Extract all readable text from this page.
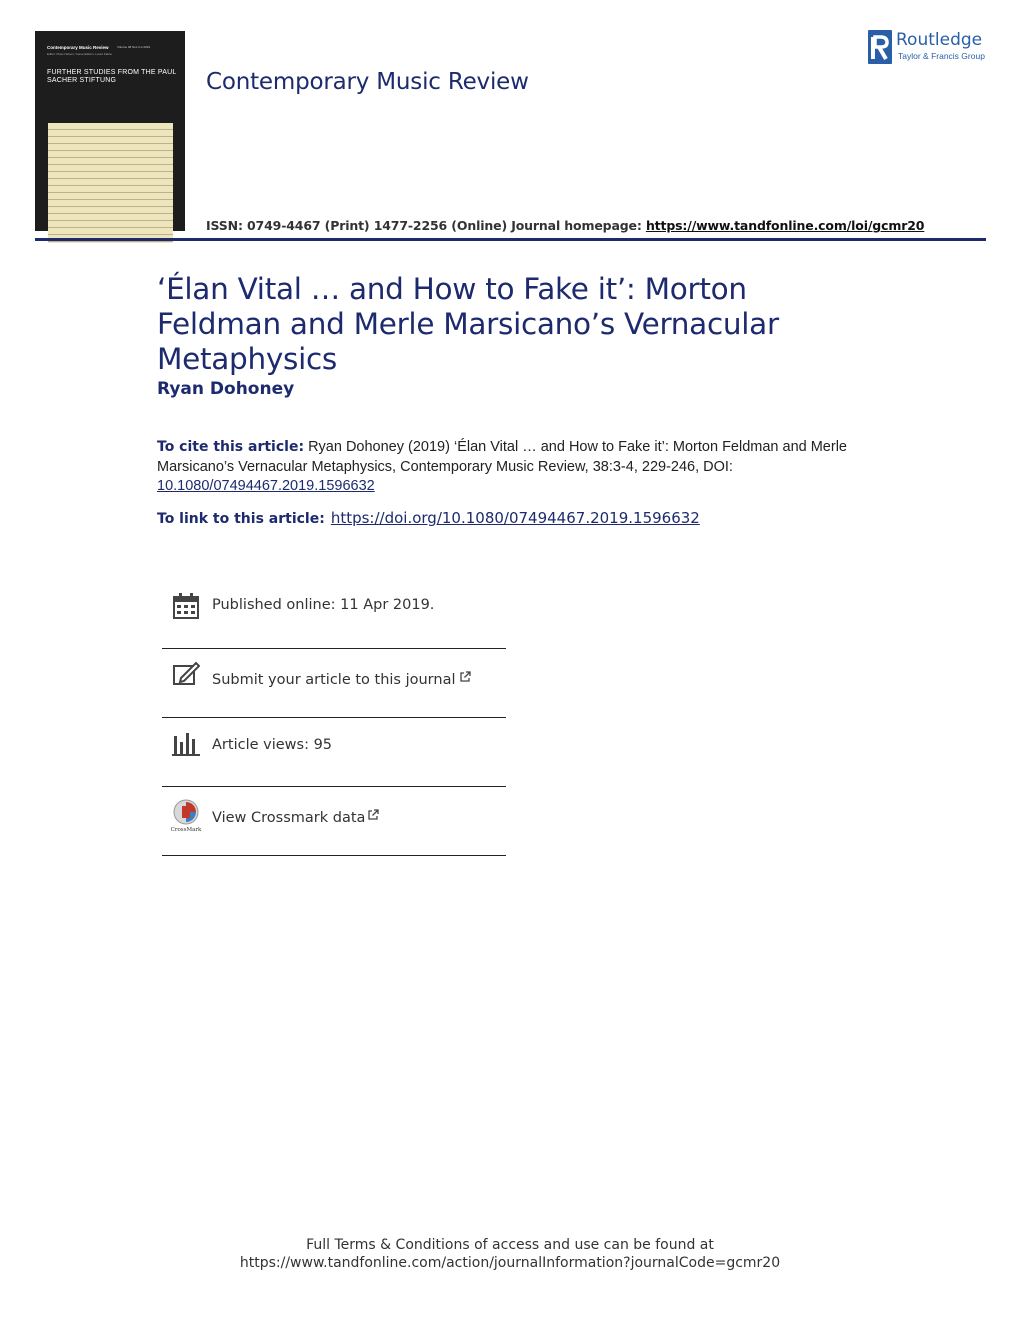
Contemporary Music Review	Volume 38 Nos 3-4 2019
Editor: Peter Nelson / Issue Editors: Laura Zattra
FURTHER STUDIES FROM THE PAUL SACHER STIFTUNG	Contemporary Music Review
ISSN: 0749-4467 (Print) 1477-2256 (Online) Journal homepage: https://www.tandfonline.com/loi/gcmr20
Routledge
Taylor & Francis Group
‘Élan Vital … and How to Fake it’: Morton Feldman and Merle Marsicano’s Vernacular Metaphysics
Ryan Dohoney
To cite this article: Ryan Dohoney (2019) ‘Élan Vital … and How to Fake it’: Morton Feldman and Merle Marsicano’s Vernacular Metaphysics, Contemporary Music Review, 38:3-4, 229-246, DOI: 10.1080/07494467.2019.1596632
To link to this article: https://doi.org/10.1080/07494467.2019.1596632
Published online: 11 Apr 2019.
Submit your article to this journal
Article views: 95
CrossMark
View Crossmark data
Full Terms & Conditions of access and use can be found at
https://www.tandfonline.com/action/journalInformation?journalCode=gcmr20
